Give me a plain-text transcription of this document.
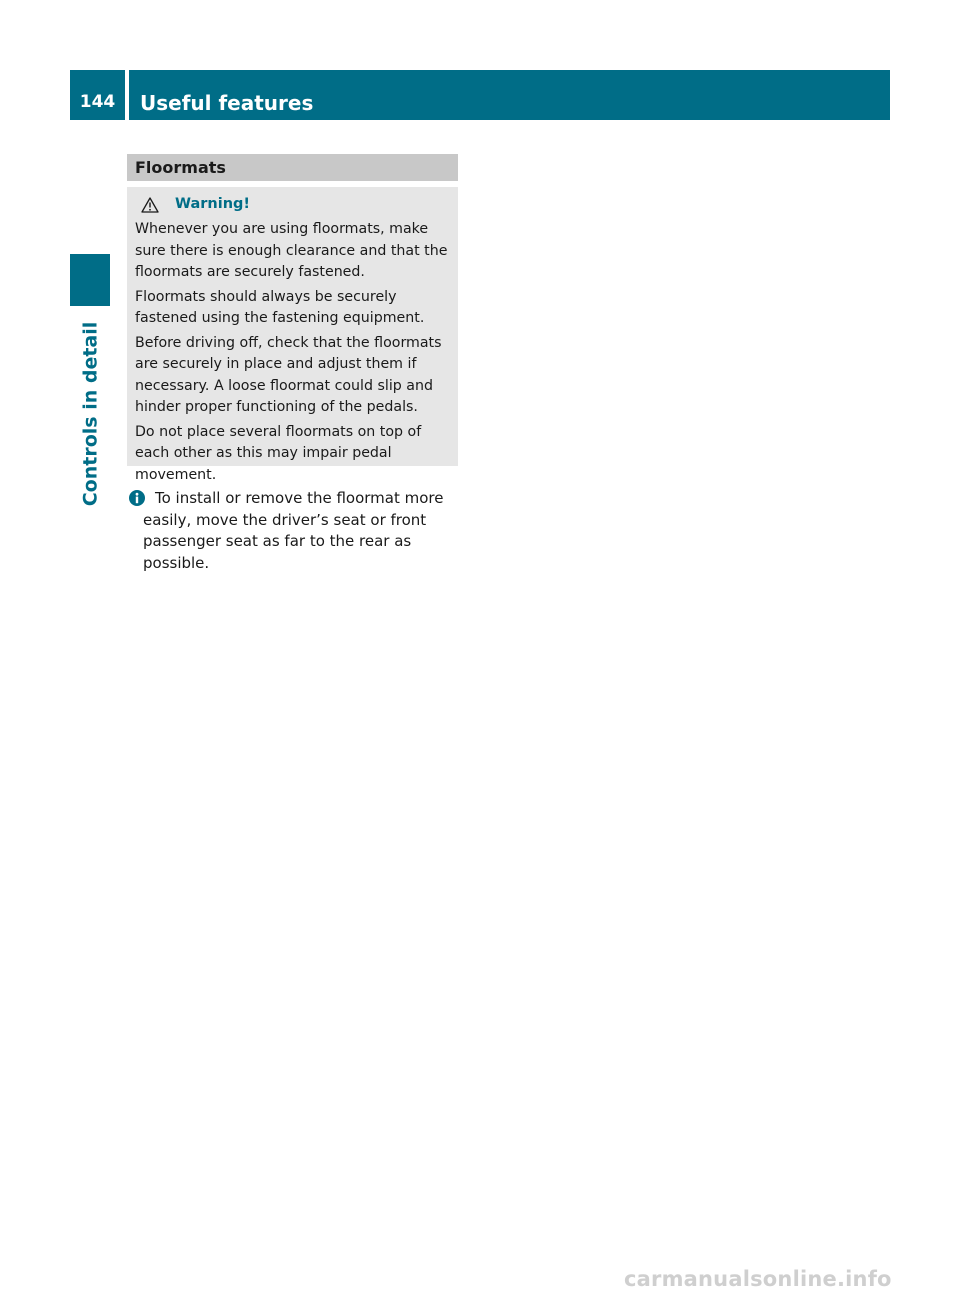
144 Useful features
Controls in detail
Floormats
Warning!

Whenever you are using floormats, make sure there is enough clearance and that the floormats are securely fastened.

Floormats should always be securely fastened using the fastening equipment.

Before driving off, check that the floormats are securely in place and adjust them if necessary. A loose floormat could slip and hinder proper functioning of the pedals.

Do not place several floormats on top of each other as this may impair pedal movement.

To install or remove the floormat more easily, move the driver’s seat or front passenger seat as far to the rear as possible.

carmanualsonline.info
